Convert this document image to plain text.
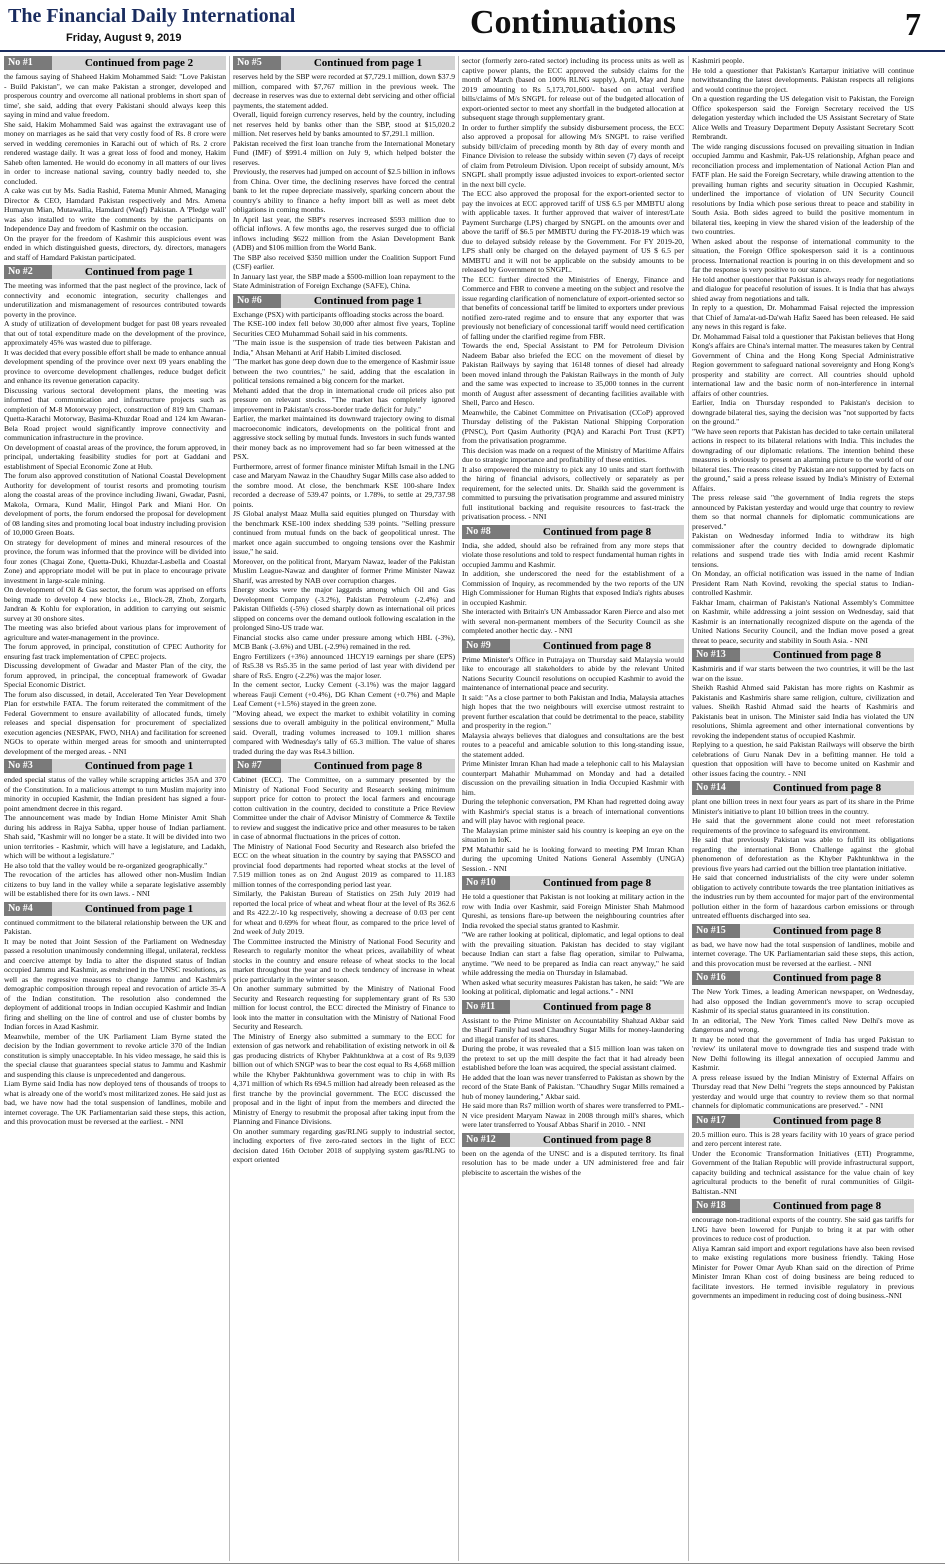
The Financial Daily International
Friday, August 9, 2019	Continuations	7
No #1	Continued from page 2

the famous saying of Shaheed Hakim Mohammed Said: "Love Pakistan - Build Pakistan", we can make Pakistan a stronger, developed and prosperous country and overcome all national problems in short span of time', she said, adding that every Pakistani should always keep this saying in mind and value freedom.
She said, Hakim Mohammed Said was against the extravagant use of money on marriages as he said that very costly food of Rs. 8 crore were served in wedding ceremonies in Karachi out of which of Rs. 2 crore rendered wastage daily. It was a great loss of food and money, Hakim Saheb often lamented. He would do economy in all matters of our lives in order to increase national saving, country badly needed to, she concluded.
A cake was cut by Ms. Sadia Rashid, Fatema Munir Ahmed, Managing Director & CEO, Hamdard Pakistan respectively and Mrs. Amena Humayun Mian, Mutawallia, Hamdard (Waqf) Pakistan. A 'Pledge wall' was also installed to write the comments by the participants on Independence Day and freedom of Kashmir on the occasion.
On the prayer for the freedom of Kashmir this auspicious event was ended in which distinguished guests, directors, dy. directors, managers and staff of Hamdard Pakistan participated.

No #2	Continued from page 1

The meeting was informed that the past neglect of the province, lack of connectivity and economic integration, security challenges and underutilization and mismanagement of resources contributed towards poverty in the province.
A study of utilization of development budget for past 08 years revealed that out of total expenditure made on the development of the province, approximately 45% was wasted due to pilferage.
It was decided that every possible effort shall be made to enhance annual development spending of the province over next 09 years enabling the province to overcome development challenges, reduce budget deficit and enhance its revenue generation capacity.
Discussing various sectoral development plans, the meeting was informed that communication and infrastructure projects such as completion of M-8 Motorway project, construction of 819 km Chaman-Quetta-Karachi Motorway, Basima-Khuzdar Road and 124 km Awaran-Bela Road project would significantly improve connectivity and communication infrastructure in the province.
On development of coastal areas of the province, the forum approved, in principal, undertaking feasibility studies for port at Gaddani and establishment of Special Economic Zone at Hub.
The forum also approved constitution of National Coastal Development Authority for development of tourist resorts and promoting tourism along the coastal areas of the province including Jiwani, Gwadar, Pasni, Makola, Ormara, Kund Malir, Hingol Park and Miani Hor. On development of ports, the forum endorsed the proposal for development of 08 landing sites and promoting local boat industry including provision of 10,000 Green Boats.
On strategy for development of mines and mineral resources of the province, the forum was informed that the province will be divided into four zones (Chagai Zone, Quetta-Duki, Khuzdar-Lasbella and Coastal Zone) and appropriate model will be put in place to encourage private investment in large-scale mining.
On development of Oil & Gas sector, the forum was apprised on efforts being made to develop 4 new blocks i.e., Block-28, Zhob, Zorgarh, Jandran & Kohlu for exploration, in addition to carrying out seismic survey at 30 onshore sites.
The meeting was also briefed about various plans for improvement of agriculture and water-management in the province.
The forum approved, in principal, constitution of CPEC Authority for ensuring fast track implementation of CPEC projects.
Discussing development of Gwadar and Master Plan of the city, the forum approved, in principal, the conceptual framework of Gwadar Special Economic District.
The forum also discussed, in detail, Accelerated Ten Year Development Plan for erstwhile FATA. The forum reiterated the commitment of the Federal Government to ensure availability of allocated funds, timely releases and special dispensation for procurement of specialized execution agencies (NESPAK, FWO, NHA) and facilitation for screened NGOs to operate within merged areas for smooth and uninterrupted development of the merged areas. - NNI

No #3	Continued from page 1

ended special status of the valley while scrapping articles 35A and 370 of the Constitution. In a malicious attempt to turn Muslim majority into minority in occupied Kashmir, the Indian president has signed a four-point amendment decree in this regard.
The announcement was made by Indian Home Minister Amit Shah during his address in Rajya Sabha, upper house of Indian parliament. Shah said, "Kashmir will no longer be a state. It will be divided into two union territories - Kashmir, which will have a legislature, and Ladakh, which will be without a legislature."
He also told that the valley would be re-organized geographically."
The revocation of the articles has allowed other non-Muslim Indian citizens to buy land in the valley while a separate legislative assembly will be established there for its own laws. - NNI

No #4	Continued from page 1

continued commitment to the bilateral relationship between the UK and Pakistan.
It may be noted that Joint Session of the Parliament on Wednesday passed a resolution unanimously condemning illegal, unilateral, reckless and coercive attempt by India to alter the disputed status of Indian occupied Jammu and Kashmir, as enshrined in the UNSC resolutions, as well as the regressive measures to change Jammu and Kashmir's demographic composition through repeal and revocation of article 35-A of the Indian constitution. The resolution also condemned the deployment of additional troops in Indian occupied Kashmir and Indian firing and shelling on the line of control and use of cluster bombs by Indian forces in Azad Kashmir.
Meanwhile, member of the UK Parliament Liam Byrne stated the decision by the Indian government to revoke article 370 of the Indian constitution is simply unacceptable. In his video message, he said this is the special clause that guarantees special status to Jammu and Kashmir and suspending this clause is unprecedented and dangerous.
Liam Byrne said India has now deployed tens of thousands of troops to what is already one of the world's most militarized zones. He said just as bad, we have now had the total suspension of landlines, mobile and internet coverage. The UK Parliamentarian said these steps, this action, and this provocation must be reversed at the earliest. - NNI

No #5	Continued from page 1

reserves held by the SBP were recorded at $7,729.1 million, down $37.9 million, compared with $7,767 million in the previous week. The decrease in reserves was due to external debt servicing and other official payments, the statement added.
Overall, liquid foreign currency reserves, held by the country, including net reserves held by banks other than the SBP, stood at $15,020.2 million. Net reserves held by banks amounted to $7,291.1 million.
Pakistan received the first loan tranche from the International Monetary Fund (IMF) of $991.4 million on July 9, which helped bolster the reserves.
Previously, the reserves had jumped on account of $2.5 billion in inflows from China. Over time, the declining reserves have forced the central bank to let the rupee depreciate massively, sparking concern about the country's ability to finance a hefty import bill as well as meet debt obligations in coming months.
In April last year, the SBP's reserves increased $593 million due to official inflows. A few months ago, the reserves surged due to official inflows including $622 million from the Asian Development Bank (ADB) and $106 million from the World Bank.
The SBP also received $350 million under the Coalition Support Fund (CSF) earlier.
In January last year, the SBP made a $500-million loan repayment to the State Administration of Foreign Exchange (SAFE), China.

No #6	Continued from page 1

Exchange (PSX) with participants offloading stocks across the board.
The KSE-100 index fell below 30,000 after almost five years, Topline Securities CEO Muhammad Sohail said in his comments.
"The main issue is the suspension of trade ties between Pakistan and India," Ahsan Mehanti at Arif Habib Limited disclosed.
"The market has gone deep down due to the emergence of Kashmir issue between the two countries," he said, adding that the escalation in political tensions remained a big concern for the market.
Mehanti added that the drop in international crude oil prices also put pressure on relevant stocks. "The market has completely ignored improvement in Pakistan's cross-border trade deficit for July."
Earlier, the market maintained its downward trajectory owing to dismal macroeconomic indicators, developments on the political front and aggressive stock selling by mutual funds. Investors in such funds wanted their money back as no improvement had so far been witnessed at the PSX.
Furthermore, arrest of former finance minister Miftah Ismail in the LNG case and Maryam Nawaz in the Chaudhry Sugar Mills case also added to the sombre mood. At close, the benchmark KSE 100-share Index recorded a decrease of 539.47 points, or 1.78%, to settle at 29,737.98 points.
JS Global analyst Maaz Mulla said equities plunged on Thursday with the benchmark KSE-100 index shedding 539 points. "Selling pressure continued from mutual funds on the back of geopolitical unrest. The market once again succumbed to ongoing tensions over the Kashmir issue," he said.
Moreover, on the political front, Maryam Nawaz, leader of the Pakistan Muslim League-Nawaz and daughter of former Prime Minister Nawaz Sharif, was arrested by NAB over corruption charges.
Energy stocks were the major laggards among which Oil and Gas Development Company (-3.2%), Pakistan Petroleum (-2.4%) and Pakistan Oilfields (-5%) closed sharply down as international oil prices slipped on concerns over the demand outlook following escalation in the prolonged Sino-US trade war.
Financial stocks also came under pressure among which HBL (-3%), MCB Bank (-3.6%) and UBL (-2.9%) remained in the red.
Engro Fertilizers (+3%) announced 1HCY19 earnings per share (EPS) of Rs5.38 vs Rs5.35 in the same period of last year with dividend per share of Rs5. Engro (-2.2%) was the major loser.
In the cement sector, Lucky Cement (-3.1%) was the major laggard whereas Fauji Cement (+0.4%), DG Khan Cement (+0.7%) and Maple Leaf Cement (+1.5%) stayed in the green zone.
"Moving ahead, we expect the market to exhibit volatility in coming sessions due to overall ambiguity in the political environment," Mulla said. Overall, trading volumes increased to 109.1 million shares compared with Wednesday's tally of 65.3 million. The value of shares traded during the day was Rs4.3 billion.

No #7	Continued from page 8

Cabinet (ECC). The Committee, on a summary presented by the Ministry of National Food Security and Research seeking minimum support price for cotton to protect the local farmers and encourage cotton cultivation in the country, decided to constitute a Price Review Committee under the chair of Advisor Ministry of Commerce & Textile to review and suggest the indicative price and other measures to be taken in case of abnormal fluctuations in the prices of cotton.
The Ministry of National Food Security and Research also briefed the ECC on the wheat situation in the country by saying that PASSCO and provincial food departments had reported wheat stocks at the level of 7.519 million tones as on 2nd August 2019 as compared to 11.183 million tonnes of the corresponding period last year.
Similarly, the Pakistan Bureau of Statistics on 25th July 2019 had reported the local price of wheat and wheat flour at the level of Rs 362.6 and Rs 422.2/-10 kg respectively, showing a decrease of 0.03 per cent for wheat and 0.69% for wheat flour, as compared to the price level of 2nd week of July 2019.
The Committee instructed the Ministry of National Food Security and Research to regularly monitor the wheat prices, availability of wheat stocks in the country and ensure release of wheat stocks to the local market throughout the year and to check tendency of increase in wheat price particularly in the winter season.
On another summary submitted by the Ministry of National Food Security and Research requesting for supplementary grant of Rs 530 million for locust control, the ECC directed the Ministry of Finance to look into the matter in consultation with the Ministry of National Food Security and Research.
The Ministry of Energy also submitted a summary to the ECC for extension of gas network and rehabilitation of existing network in oil & gas producing districts of Khyber Pakhtunkhwa at a cost of Rs 9,039 billion out of which SNGP was to bear the cost equal to Rs 4,668 million while the Khyber Pakhtunkhwa government was to chip in with Rs 4,371 million of which Rs 694.5 million had already been released as the first tranche by the provincial government. The ECC discussed the proposal and in the light of input from the members and directed the Ministry of Energy to resubmit the proposal after taking input from the Planning and Finance Divisions.
On another summary regarding gas/RLNG supply to industrial sector, including exporters of five zero-rated sectors in the light of ECC decision dated 16th October 2018 of supplying system gas/RLNG to export oriented

sector (formerly zero-rated sector) including its process units as well as captive power plants, the ECC approved the subsidy claims for the month of March (based on 100% RLNG supply), April, May and June 2019 amounting to Rs 5,173,701,600/- based on actual verified bills/claims of M/s SNGPL for release out of the budgeted allocation of export-oriented sector to meet any shortfall in the budgeted allocation at subsequent stage through supplementary grant.
In order to further simplify the subsidy disbursement process, the ECC also approved a proposal for allowing M/s SNGPL to raise verified subsidy bill/claim of preceding month by 8th day of every month and Finance Division to release the subsidy within seven (7) days of receipt of claim from Petroleum Division. Upon receipt of subsidy amount, M/s SNGPL shall promptly issue adjusted invoices to export-oriented sector in the next bill cycle.
The ECC also approved the proposal for the export-oriented sector to pay the invoices at ECC approved tariff of US$ 6.5 per MMBTU along with applicable taxes. It further approved that waiver of interest/Late Payment Surcharge (LPS) charged by SNGPL on the amounts over and above the tariff of $6.5 per MMBTU during the FY-2018-19 which was due to delayed subsidy release by the Government. For FY 2019-20, LPS shall only be charged on the delayed payment of US $ 6.5 per MMBTU and it will not be applicable on the subsidy amounts to be released by Government to SNGPL.
The ECC further directed the Ministries of Energy, Finance and Commerce and FBR to convene a meeting on the subject and resolve the issue regarding clarification of nomenclature of export-oriented sector so that benefits of concessional tariff be limited to exporters under previous notified zero-rated regime and to ensure that any exporter that was previously not beneficiary of concessional tariff would need certification of falling under the clarified regime from FBR.
Towards the end, Special Assistant to PM for Petroleum Division Nadeem Babar also briefed the ECC on the movement of diesel by Pakistan Railways by saying that 16148 tonnes of diesel had already been moved inland through the Pakistan Railways in the month of July and the same was expected to increase to 35,000 tonnes in the current month of August after assessment of decanting facilities available with Shell, Parco and Hesco.
Meanwhile, the Cabinet Committee on Privatisation (CCoP) approved Thursday delisting of the Pakistan National Shipping Corporation (PNSC), Port Qasim Authority (PQA) and Karachi Port Trust (KPT) from the privatisation programme.
This decision was made on a request of the Ministry of Maritime Affairs due to strategic importance and profitability of these entities.
It also empowered the ministry to pick any 10 units and start forthwith the hiring of financial advisors, collectively or separately as per requirement, for the selected units. Dr. Shaikh said the government is committed to pursuing the privatisation programme and assured ministry full institutional backing and requisite resources to fast-track the privatisation process. - NNI

No #8	Continued from page 8

India, she added, should also be refrained from any more steps that violate those resolutions and told to respect fundamental human rights in occupied Jammu and Kashmir.
In addition, she underscored the need for the establishment of a Commission of Inquiry, as recommended by the two reports of the UN High Commissioner for Human Rights that exposed India's rights abuses in occupied Kashmir.
She interacted with Britain's UN Ambassador Karen Pierce and also met with several non-permanent members of the Security Council as she completed another hectic day. - NNI

No #9	Continued from page 8

Prime Minister's Office in Putrajaya on Thursday said Malaysia would like to encourage all stakeholders to abide by the relevant United Nations Security Council resolutions on occupied Kashmir to avoid the maintenance of international peace and security.
It said: "As a close partner to both Pakistan and India, Malaysia attaches high hopes that the two neighbours will exercise utmost restraint to prevent further escalation that could be detrimental to the peace, stability and prosperity in the region."
Malaysia always believes that dialogues and consultations are the best routes to a peaceful and amicable solution to this long-standing issue, the statement added.
Prime Minister Imran Khan had made a telephonic call to his Malaysian counterpart Mahathir Muhammad on Monday and had a detailed discussion on the prevailing situation in India Occupied Kashmir with him.
During the telephonic conversation, PM Khan had regretted doing away with Kashmir's special status is a breach of international conventions and will play havoc with regional peace.
The Malaysian prime minister said his country is keeping an eye on the situation in IoK.
PM Mahathir said he is looking forward to meeting PM Imran Khan during the upcoming United Nations General Assembly (UNGA) Session. - NNI

No #10	Continued from page 8

He told a questioner that Pakistan is not looking at military action in the row with India over Kashmir, said Foreign Minister Shah Mahmood Qureshi, as tensions flare-up between the neighbouring countries after India revoked the special status granted to Kashmir.
"We are rather looking at political, diplomatic, and legal options to deal with the prevailing situation. Pakistan has decided to stay vigilant because Indian can start a false flag operation, similar to Pulwama, anytime. "We need to be prepared as India can react anyway," he said while addressing the media on Thursday in Islamabad.
When asked what security measures Pakistan has taken, he said: "We are looking at political, diplomatic and legal actions." - NNI

No #11	Continued from page 8

Assistant to the Prime Minister on Accountability Shahzad Akbar said the Sharif Family had used Chaudhry Sugar Mills for money-laundering and illegal transfer of its shares.
During the probe, it was revealed that a $15 million loan was taken on the pretext to set up the mill despite the fact that it had already been established before the loan was acquired, the special assistant claimed.
He added that the loan was never transferred to Pakistan as shown by the record of the State Bank of Pakistan. "Chaudhry Sugar Mills remained a hub of money laundering," Akbar said.
He said more than Rs7 million worth of shares were transferred to PML-N vice president Maryam Nawaz in 2008 through mill's shares, which were later transferred to Yousaf Abbas Sharif in 2010. - NNI

No #12	Continued from page 8

been on the agenda of the UNSC and is a disputed territory. Its final resolution has to be made under a UN administered free and fair plebiscite to ascertain the wishes of the

Kashmiri people.
He told a questioner that Pakistan's Kartarpur initiative will continue notwithstanding the latest developments. Pakistan respects all religions and would continue the project.
On a question regarding the US delegation visit to Pakistan, the Foreign Office spokesperson said the Foreign Secretary received the US delegation yesterday which included the US Assistant Secretary of State Alice Wells and Treasury Department Deputy Assistant Secretary Scott Rembrandt.
The wide ranging discussions focused on prevailing situation in Indian occupied Jammu and Kashmir, Pak-US relationship, Afghan peace and reconciliation process and implementation of National Action Plan and FATF plan. He said the Foreign Secretary, while drawing attention to the prevailing human rights and security situation in Occupied Kashmir, underlined the importance of violation of UN Security Council resolutions by India which pose serious threat to peace and stability in South Asia. Both sides agreed to build the positive momentum in bilateral ties, keeping in view the shared vision of the leadership of the two countries.
When asked about the response of international community to the situation, the Foreign Office spokesperson said it is a continuous process. International reaction is pouring in on this development and so far the response is very positive to our stance.
He told another questioner that Pakistan is always ready for negotiations and dialogue for peaceful resolution of issues. It is India that has always shied away from negotiations and talk.
In reply to a question, Dr. Mohammad Faisal rejected the impression that Chief of Jama'at-ud-Da'wah Hafiz Saeed has been released. He said any news in this regard is fake.
Dr. Mohammad Faisal told a questioner that Pakistan believes that Hong Kong's affairs are China's internal matter. The measures taken by Central Government of China and the Hong Kong Special Administrative Region government to safeguard national sovereignty and Hong Kong's prosperity and stability are correct. All countries should uphold international law and the basic norm of non-interference in internal affairs of other countries.
Earlier, India on Thursday responded to Pakistan's decision to downgrade bilateral ties, saying the decision was "not supported by facts on the ground."
"We have seen reports that Pakistan has decided to take certain unilateral actions in respect to its bilateral relations with India. This includes the downgrading of our diplomatic relations. The intention behind these measures is obviously to present an alarming picture to the world of our bilateral ties. The reasons cited by Pakistan are not supported by facts on the ground," said a press release issued by India's Ministry of External Affairs.
The press release said "the government of India regrets the steps announced by Pakistan yesterday and would urge that country to review them so that normal channels for diplomatic communications are preserved."
Pakistan on Wednesday informed India to withdraw its high commissioner after the country decided to downgrade diplomatic relations and suspend trade ties with India amid recent Kashmir tensions.
On Monday, an official notification was issued in the name of Indian President Ram Nath Kovind, revoking the special status to Indian-controlled Kashmir.
Fakhar Imam, chairman of Pakistan's National Assembly's Committee on Kashmir, while addressing a joint session on Wednesday, said that Kashmir is an internationally recognized dispute on the agenda of the United Nations Security Council, and the Indian move posed a great threat to peace, security and stability in South Asia. - NNI

No #13	Continued from page 8

Kashmiris and if war starts between the two countries, it will be the last war on the issue.
Sheikh Rashid Ahmed said Pakistan has more rights on Kashmir as Pakistanis and Kashmiris share same religion, culture, civilization and values. Sheikh Rashid Ahmad said the hearts of Kashmiris and Pakistanis beat in unison. The Minister said India has violated the UN resolutions, Shimla agreement and other international conventions by revoking the independent status of occupied Kashmir.
Replying to a question, he said Pakistan Railways will observe the birth celebrations of Guru Nanak Dev in a befitting manner. He told a question that opposition will have to become united on Kashmir and other issues facing the country. - NNI

No #14	Continued from page 8

plant one billion trees in next four years as part of its share in the Prime Minister's initiative to plant 10 billion trees in the country.
He said that the government alone could not meet reforestation requirements of the province to safeguard its environment.
He said that previously Pakistan was able to fulfill its obligations regarding the international Bonn Challenge against the global phenomenon of deforestation as the Khyber Pakhtunkhwa in the previous five years had carried out the billion tree plantation initiative.
He said that concerned industrialists of the city were under solemn obligation to actively contribute towards the tree plantation initiatives as the industries run by them accounted for major part of the environmental pollution either in the form of hazardous carbon emissions or through untreated effluents discharged into sea.

No #15	Continued from page 8

as bad, we have now had the total suspension of landlines, mobile and internet coverage. The UK Parliamentarian said these steps, this action, and this provocation must be reversed at the earliest. - NNI

No #16	Continued from page 8

The New York Times, a leading American newspaper, on Wednesday, had also opposed the Indian government's move to scrap occupied Kashmir of its special status guaranteed in its constitution.
In an editorial, The New York Times called New Delhi's move as dangerous and wrong.
It may be noted that the government of India has urged Pakistan to 'review' its unilateral move to downgrade ties and suspend trade with New Delhi following its illegal annexation of occupied Jammu and Kashmir.
A press release issued by the Indian Ministry of External Affairs on Thursday read that New Delhi "regrets the steps announced by Pakistan yesterday and would urge that country to review them so that normal channels for diplomatic communications are preserved." - NNI

No #17	Continued from page 8

20.5 million euro. This is 28 years facility with 10 years of grace period and zero percent interest rate.
Under the Economic Transformation Initiatives (ETI) Programme, Government of the Italian Republic will provide infrastructural support, capacity building and technical assistance for the value chain of key agricultural products to the benefit of rural communities of Gilgit-Baltistan.-NNI

No #18	Continued from page 8

encourage non-traditional exports of the country. She said gas tariffs for LNG have been lowered for Punjab to bring it at par with other provinces to reduce cost of production.
Aliya Kamran said import and export regulations have also been revised to make existing regulations more business friendly. Taking Hose Minister for Power Omar Ayub Khan said on the direction of Prime Minister Imran Khan cost of doing business are being reduced to facilitate investors. He termed invisible regulatory in previous governments an impediment in reducing cost of doing business.-NNI
